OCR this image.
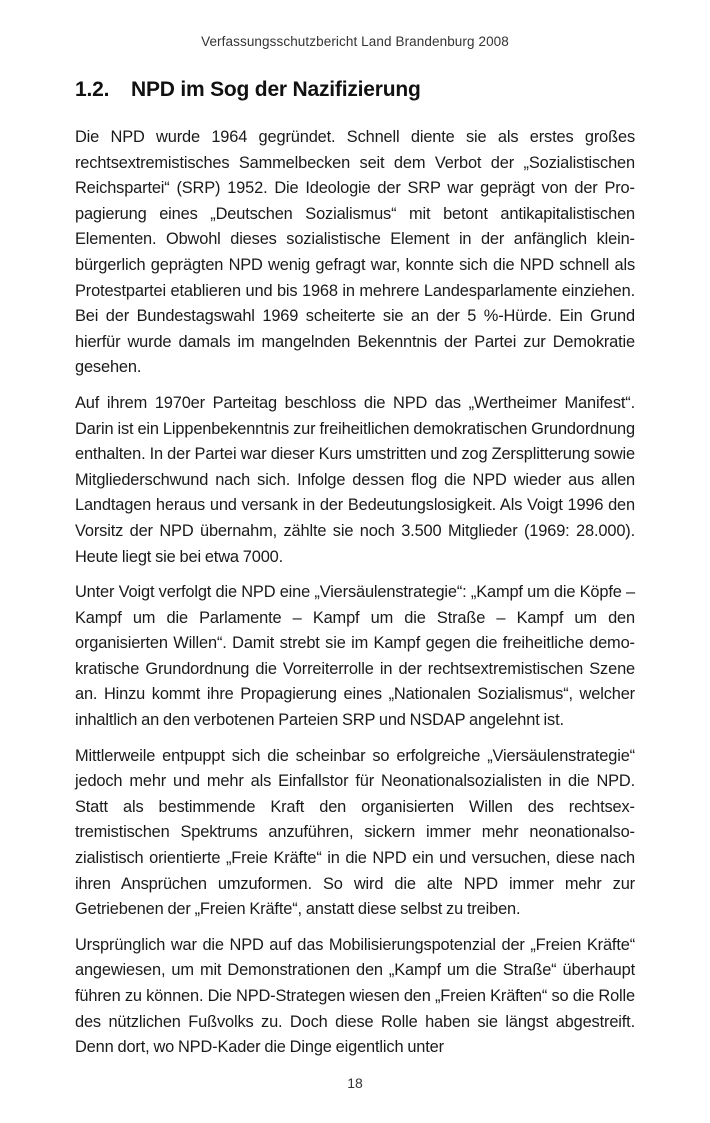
Verfassungsschutzbericht Land Brandenburg 2008
1.2. NPD im Sog der Nazifizierung

Die NPD wurde 1964 gegründet. Schnell diente sie als erstes großes rechtsextremistisches Sammelbecken seit dem Verbot der „Sozialistischen Reichspartei“ (SRP) 1952. Die Ideologie der SRP war geprägt von der Propagierung eines „Deutschen Sozialismus“ mit betont antikapitalistischen Elementen. Obwohl dieses sozialistische Element in der anfänglich kleinbürgerlich geprägten NPD wenig gefragt war, konnte sich die NPD schnell als Protestpartei etablieren und bis 1968 in mehrere Landesparlamente einziehen. Bei der Bundestagswahl 1969 scheiterte sie an der 5 %-Hürde. Ein Grund hierfür wurde damals im mangelnden Bekenntnis der Partei zur Demokratie gesehen.

Auf ihrem 1970er Parteitag beschloss die NPD das „Wertheimer Manifest“. Darin ist ein Lippenbekenntnis zur freiheitlichen demokratischen Grundordnung enthalten. In der Partei war dieser Kurs umstritten und zog Zersplitterung sowie Mitgliederschwund nach sich. Infolge dessen flog die NPD wieder aus allen Landtagen heraus und versank in der Bedeutungslosigkeit. Als Voigt 1996 den Vorsitz der NPD übernahm, zählte sie noch 3.500 Mitglieder (1969: 28.000). Heute liegt sie bei etwa 7000.

Unter Voigt verfolgt die NPD eine „Viersäulenstrategie“: „Kampf um die Köpfe – Kampf um die Parlamente – Kampf um die Straße – Kampf um den organisierten Willen“. Damit strebt sie im Kampf gegen die freiheitliche demokratische Grundordnung die Vorreiterrolle in der rechtsextremistischen Szene an. Hinzu kommt ihre Propagierung eines „Nationalen Sozialismus“, welcher inhaltlich an den verbotenen Parteien SRP und NSDAP angelehnt ist.

Mittlerweile entpuppt sich die scheinbar so erfolgreiche „Viersäulenstrategie“ jedoch mehr und mehr als Einfallstor für Neonationalsozialisten in die NPD. Statt als bestimmende Kraft den organisierten Willen des rechtsextremistischen Spektrums anzuführen, sickern immer mehr neonationalsozialistisch orientierte „Freie Kräfte“ in die NPD ein und versuchen, diese nach ihren Ansprüchen umzuformen. So wird die alte NPD immer mehr zur Getriebenen der „Freien Kräfte“, anstatt diese selbst zu treiben.

Ursprünglich war die NPD auf das Mobilisierungspotenzial der „Freien Kräfte“ angewiesen, um mit Demonstrationen den „Kampf um die Straße“ überhaupt führen zu können. Die NPD-Strategen wiesen den „Freien Kräften“ so die Rolle des nützlichen Fußvolks zu. Doch diese Rolle haben sie längst abgestreift. Denn dort, wo NPD-Kader die Dinge eigentlich unter

18
